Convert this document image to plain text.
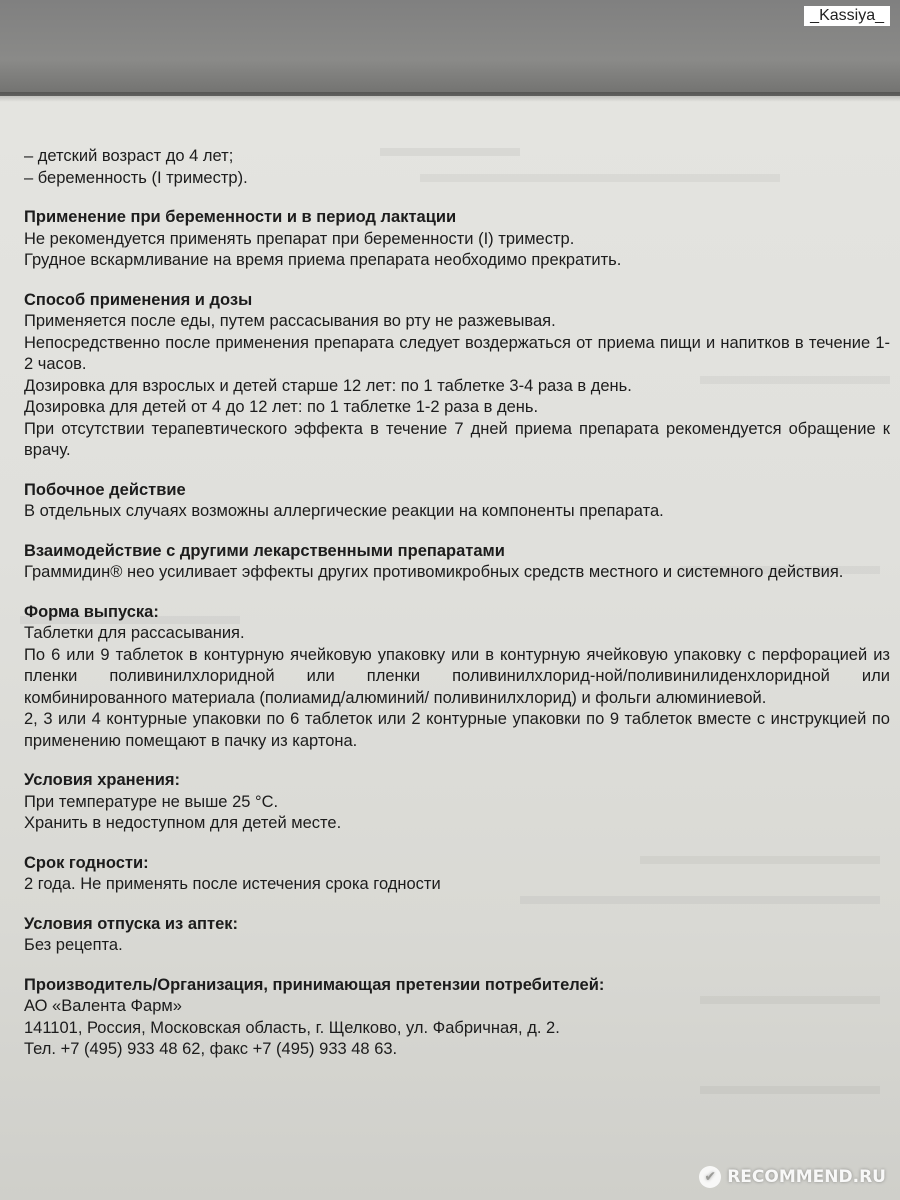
_Kassiya_

– детский возраст до 4 лет;

– беременность (I триместр).

Применение при беременности и в период лактации

Не рекомендуется применять препарат при беременности (I) триместр.

Грудное вскармливание на время приема препарата необходимо прекратить.

Способ применения и дозы

Применяется после еды, путем рассасывания во рту не разжевывая.

Непосредственно после применения препарата следует воздержаться от приема пищи и напитков в течение 1-2 часов.

Дозировка для взрослых и детей старше 12 лет: по 1 таблетке 3-4 раза в день.

Дозировка для детей от 4 до 12 лет: по 1 таблетке 1-2 раза в день.

При отсутствии терапевтического эффекта в течение 7 дней приема препарата рекомендуется обращение к врачу.

Побочное действие

В отдельных случаях возможны аллергические реакции на компоненты препарата.

Взаимодействие с другими лекарственными препаратами

Граммидин® нео усиливает эффекты других противомикробных средств местного и системного действия.

Форма выпуска:

Таблетки для рассасывания.

По 6 или 9 таблеток в контурную ячейковую упаковку или в контурную ячейковую упаковку с перфорацией из пленки поливинилхлоридной или пленки поливинилхлорид-ной/поливинилиденхлоридной или комбинированного материала (полиамид/алюминий/ поливинилхлорид) и фольги алюминиевой.

2, 3 или 4 контурные упаковки по 6 таблеток или 2 контурные упаковки по 9 таблеток вместе с инструкцией по применению помещают в пачку из картона.

Условия хранения:

При температуре не выше 25 °С.

Хранить в недоступном для детей месте.

Срок годности:

2 года. Не применять после истечения срока годности

Условия отпуска из аптек:

Без рецепта.

Производитель/Организация, принимающая претензии потребителей:

АО «Валента Фарм»

141101, Россия, Московская область, г. Щелково, ул. Фабричная, д. 2.

Тел. +7 (495) 933 48 62, факс +7 (495) 933 48 63.

✔ RECOMMEND.RU
